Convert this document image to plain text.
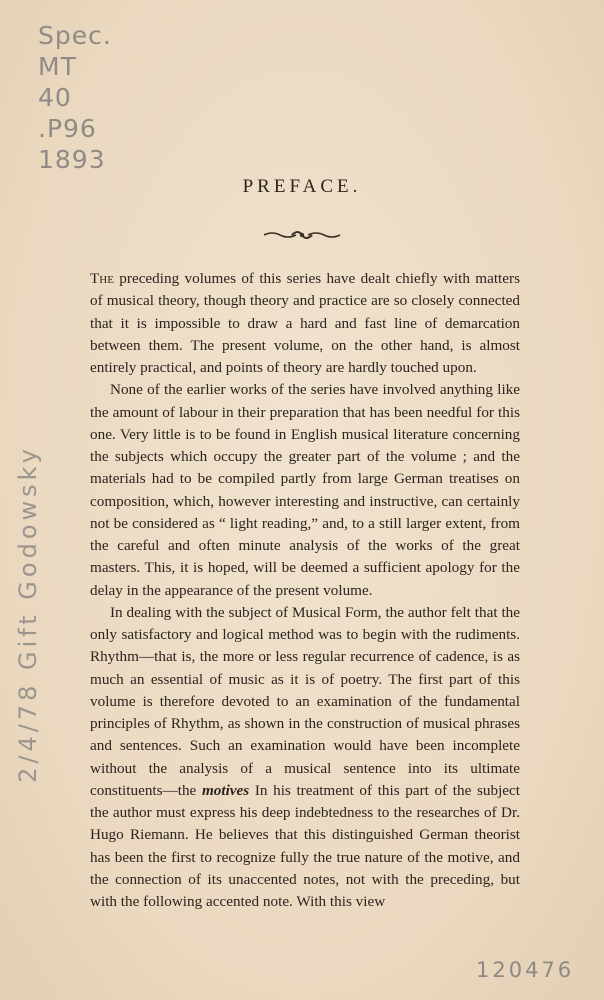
Spec.
MT
40
.P96
1893
PREFACE.

The preceding volumes of this series have dealt chiefly with matters of musical theory, though theory and practice are so closely connected that it is impossible to draw a hard and fast line of demarcation between them. The present volume, on the other hand, is almost entirely practical, and points of theory are hardly touched upon.

None of the earlier works of the series have involved anything like the amount of labour in their preparation that has been needful for this one. Very little is to be found in English musical literature concerning the subjects which occupy the greater part of the volume ; and the materials had to be compiled partly from large German treatises on composition, which, however interesting and instructive, can certainly not be considered as “ light reading,” and, to a still larger extent, from the careful and often minute analysis of the works of the great masters. This, it is hoped, will be deemed a sufficient apology for the delay in the appearance of the present volume.

In dealing with the subject of Musical Form, the author felt that the only satisfactory and logical method was to begin with the rudiments. Rhythm—that is, the more or less regular recurrence of cadence, is as much an essential of music as it is of poetry. The first part of this volume is therefore devoted to an examination of the fundamental principles of Rhythm, as shown in the construction of musical phrases and sentences. Such an examination would have been incomplete without the analysis of a musical sentence into its ultimate constituents—the motives In his treatment of this part of the subject the author must express his deep indebtedness to the researches of Dr. Hugo Riemann. He believes that this distinguished German theorist has been the first to recognize fully the true nature of the motive, and the connection of its unaccented notes, not with the preceding, but with the following accented note. With this view

2/4/78 Gift Godowsky
120476
